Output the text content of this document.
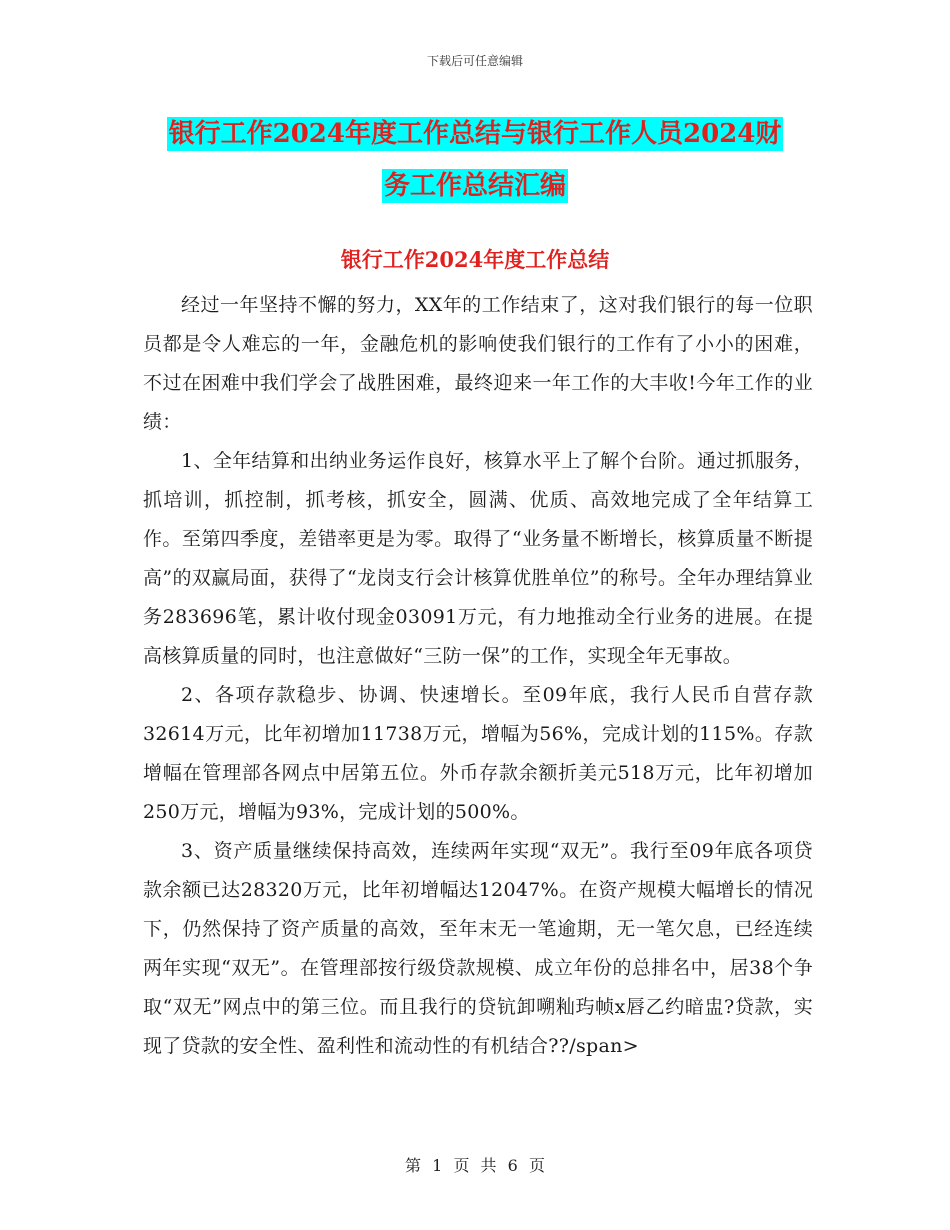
下载后可任意编辑
银行工作2024年度工作总结与银行工作人员2024财
务工作总结汇编
银行工作2024年度工作总结

经过一年坚持不懈的努力，XX年的工作结束了，这对我们银行的每一位职员都是令人难忘的一年，金融危机的影响使我们银行的工作有了小小的困难，不过在困难中我们学会了战胜困难，最终迎来一年工作的大丰收!今年工作的业绩：

1、全年结算和出纳业务运作良好，核算水平上了解个台阶。通过抓服务，抓培训，抓控制，抓考核，抓安全，圆满、优质、高效地完成了全年结算工作。至第四季度，差错率更是为零。取得了“业务量不断增长，核算质量不断提高”的双赢局面，获得了“龙岗支行会计核算优胜单位”的称号。全年办理结算业务283696笔，累计收付现金03091万元，有力地推动全行业务的进展。在提高核算质量的同时，也注意做好“三防一保”的工作，实现全年无事故。

2、各项存款稳步、协调、快速增长。至09年底，我行人民币自营存款32614万元，比年初增加11738万元，增幅为56%，完成计划的115%。存款增幅在管理部各网点中居第五位。外币存款余额折美元518万元，比年初增加250万元，增幅为93%，完成计划的500%。

3、资产质量继续保持高效，连续两年实现“双无”。我行至09年底各项贷款余额已达28320万元，比年初增幅达12047%。在资产规模大幅增长的情况下，仍然保持了资产质量的高效，至年末无一笔逾期，无一笔欠息，已经连续两年实现“双无”。在管理部按行级贷款规模、成立年份的总排名中，居38个争取“双无”网点中的第三位。而且我行的贷钪卸嗍籼玙帧ⅹ唇乙约暗盅?贷款，实现了贷款的安全性、盈利性和流动性的有机结合??/span>

第 1 页 共 6 页
